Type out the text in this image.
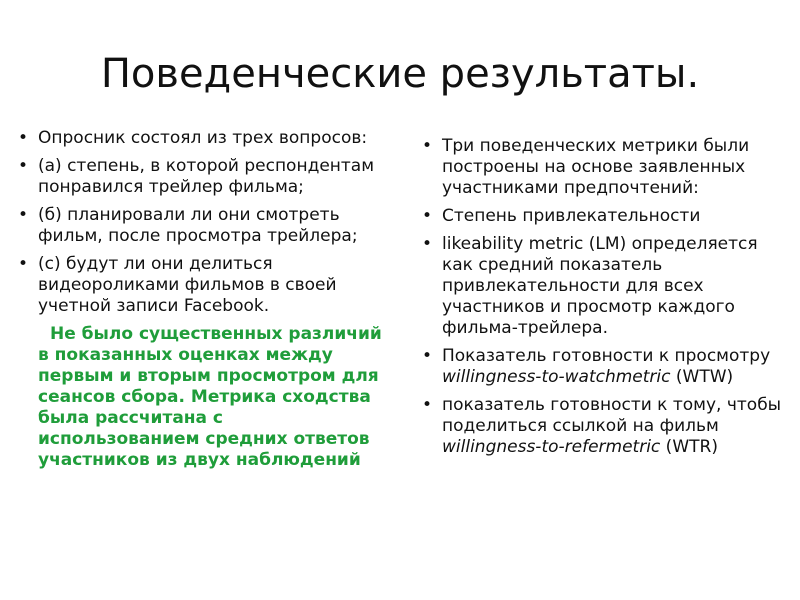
Поведенческие результаты.
• Опросник состоял из трех вопросов:
• (a) степень, в которой респондентам понравился трейлер фильма;
• (б) планировали ли они смотреть фильм, после просмотра трейлера;
• (c) будут ли они делиться видеороликами фильмов в своей учетной записи Facebook.
Не было существенных различий в показанных оценках между первым и вторым просмотром для сеансов сбора. Метрика сходства была рассчитана с использованием средних ответов участников из двух наблюдений
• Три поведенческих метрики были построены на основе заявленных участниками предпочтений:
• Степень привлекательности
• likeability metric (LM) определяется как средний показатель привлекательности для всех участников и просмотр каждого фильма-трейлера.
• Показатель готовности к просмотру willingness-to-watchmetric (WTW)
• показатель готовности к тому, чтобы поделиться ссылкой на фильм willingness-to-refermetric (WTR)
